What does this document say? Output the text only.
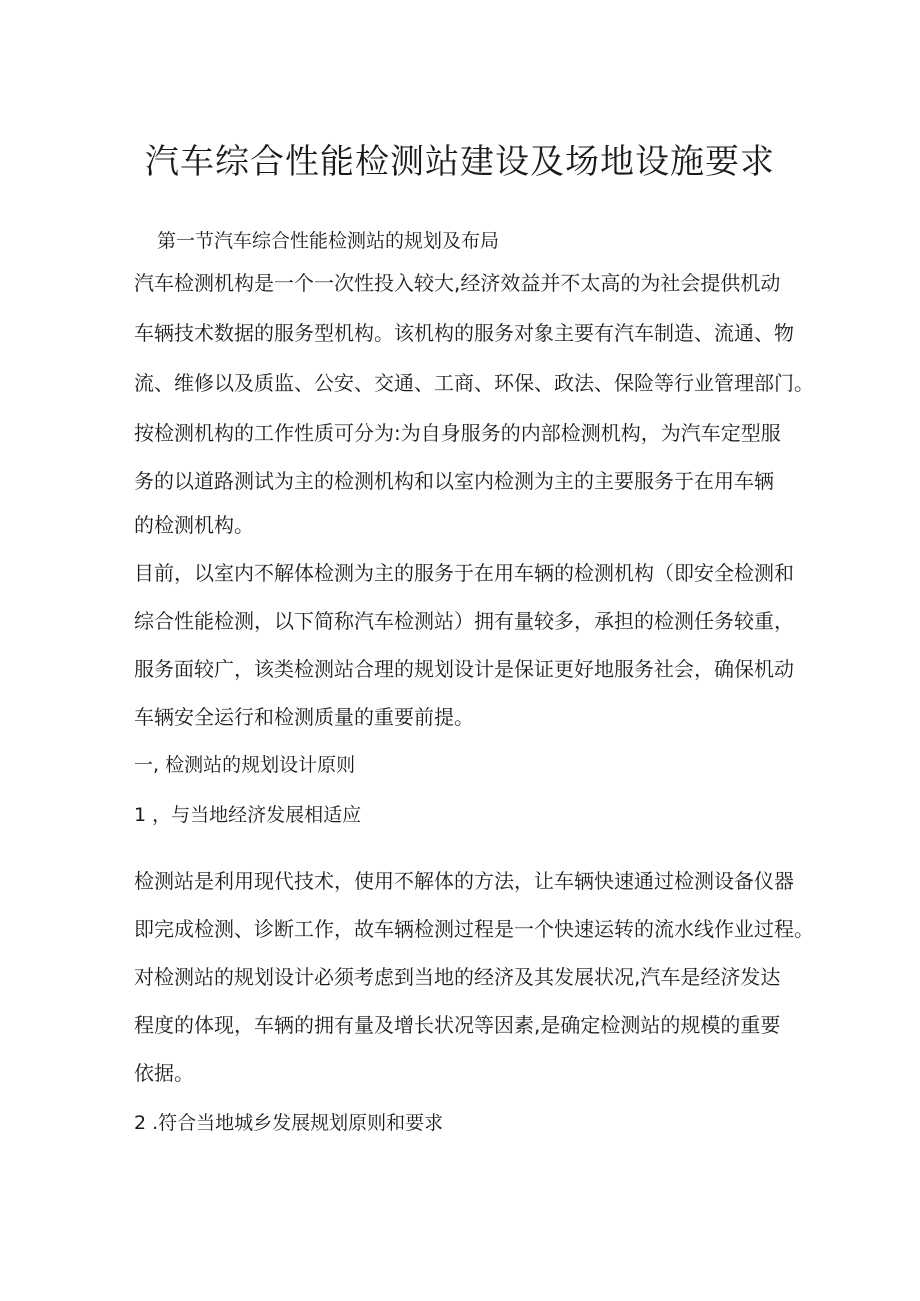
汽车综合性能检测站建设及场地设施要求

第一节汽车综合性能检测站的规划及布局

汽车检测机构是一个一次性投入较大,经济效益并不太高的为社会提供机动

车辆技术数据的服务型机构。该机构的服务对象主要有汽车制造、流通、物

流、维修以及质监、公安、交通、工商、环保、政法、保险等行业管理部门。

按检测机构的工作性质可分为:为自身服务的内部检测机构，为汽车定型服

务的以道路测试为主的检测机构和以室内检测为主的主要服务于在用车辆

的检测机构。

目前，以室内不解体检测为主的服务于在用车辆的检测机构（即安全检测和

综合性能检测，以下简称汽车检测站）拥有量较多，承担的检测任务较重，

服务面较广，该类检测站合理的规划设计是保证更好地服务社会，确保机动

车辆安全运行和检测质量的重要前提。

一, 检测站的规划设计原则

1 ，与当地经济发展相适应

检测站是利用现代技术，使用不解体的方法，让车辆快速通过检测设备仪器

即完成检测、诊断工作，故车辆检测过程是一个快速运转的流水线作业过程。

对检测站的规划设计必须考虑到当地的经济及其发展状况,汽车是经济发达

程度的体现，车辆的拥有量及增长状况等因素,是确定检测站的规模的重要

依据。

2 .符合当地城乡发展规划原则和要求
